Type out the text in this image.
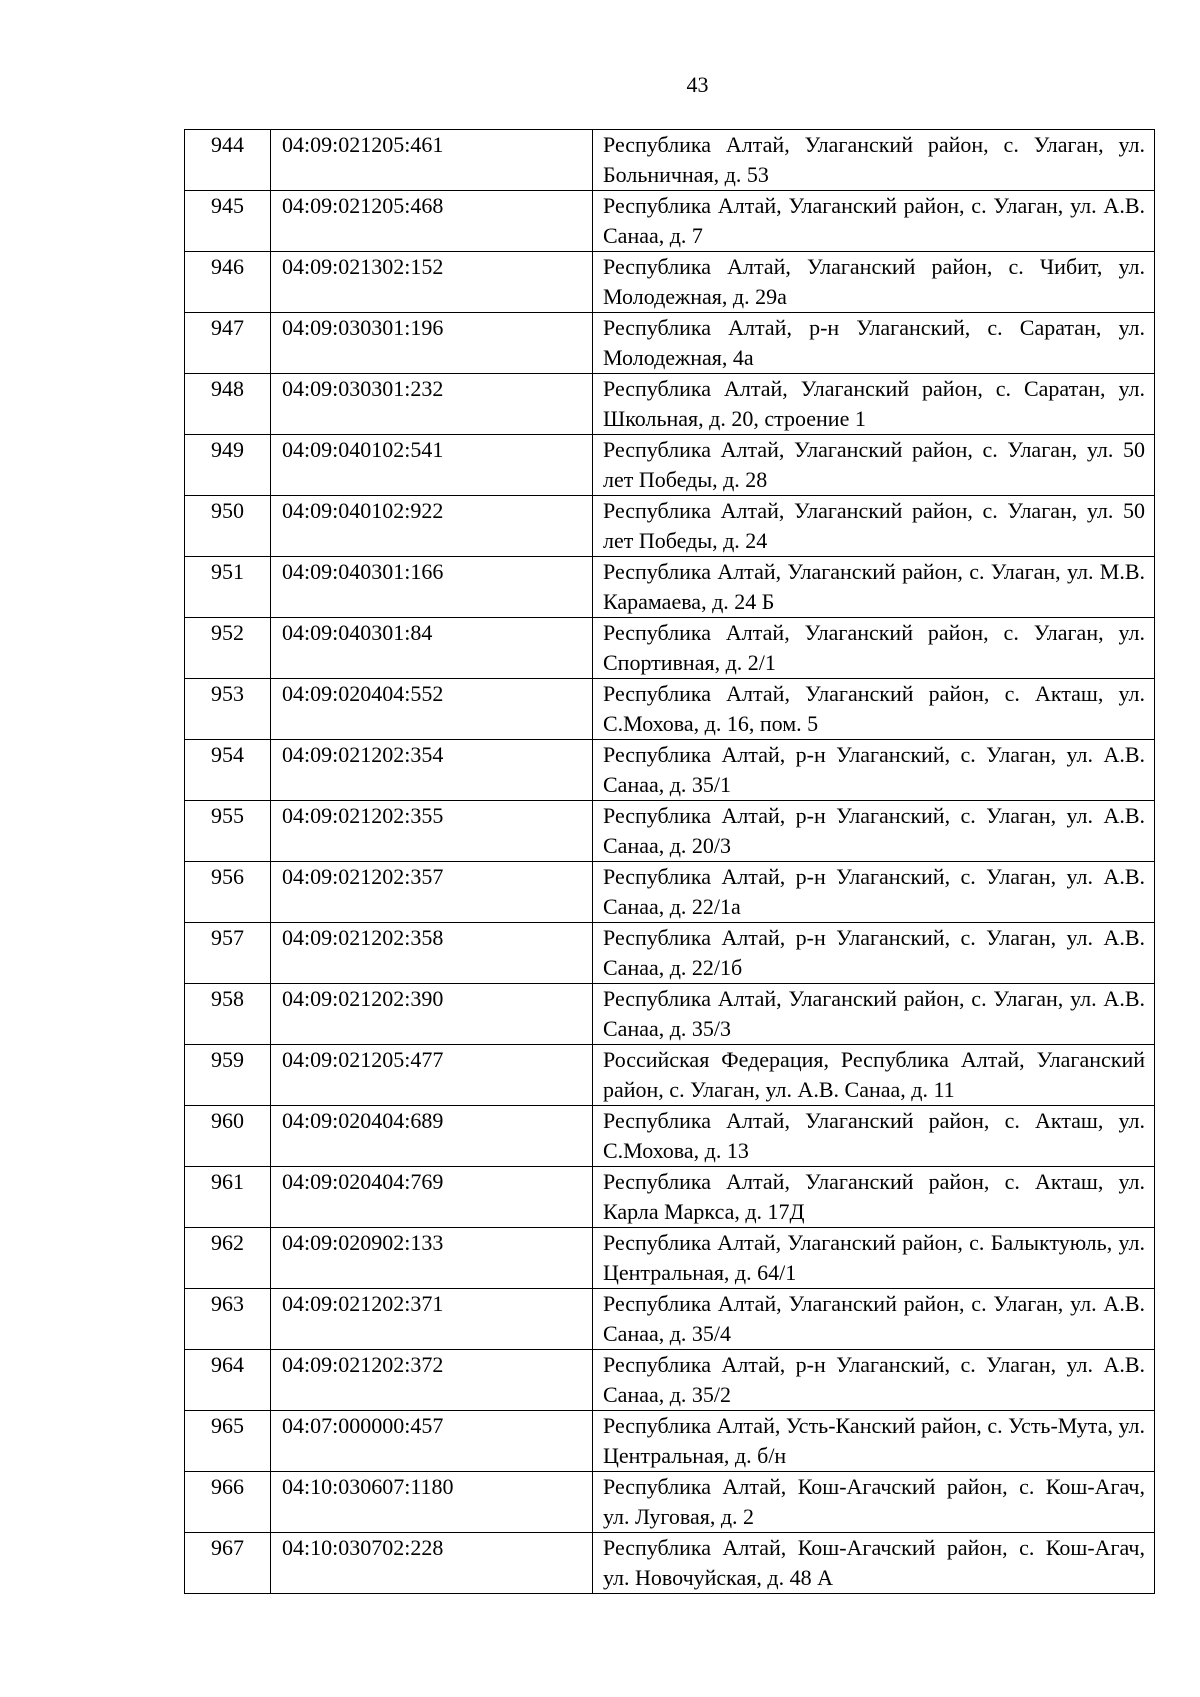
43
944	04:09:021205:461	Республика Алтай, Улаганский район, с. Улаган, ул. Больничная, д. 53
945	04:09:021205:468	Республика Алтай, Улаганский район, с. Улаган, ул. А.В. Санаа, д. 7
946	04:09:021302:152	Республика Алтай, Улаганский район, с. Чибит, ул. Молодежная, д. 29а
947	04:09:030301:196	Республика Алтай, р-н Улаганский, с. Саратан, ул. Молодежная, 4а
948	04:09:030301:232	Республика Алтай, Улаганский район, с. Саратан, ул. Школьная, д. 20, строение 1
949	04:09:040102:541	Республика Алтай, Улаганский район, с. Улаган, ул. 50 лет Победы, д. 28
950	04:09:040102:922	Республика Алтай, Улаганский район, с. Улаган, ул. 50 лет Победы, д. 24
951	04:09:040301:166	Республика Алтай, Улаганский район, с. Улаган, ул. М.В. Карамаева, д. 24 Б
952	04:09:040301:84	Республика Алтай, Улаганский район, с. Улаган, ул. Спортивная, д. 2/1
953	04:09:020404:552	Республика Алтай, Улаганский район, с. Акташ, ул. С.Мохова, д. 16, пом. 5
954	04:09:021202:354	Республика Алтай, р-н Улаганский, с. Улаган, ул. А.В. Санаа, д. 35/1
955	04:09:021202:355	Республика Алтай, р-н Улаганский, с. Улаган, ул. А.В. Санаа, д. 20/3
956	04:09:021202:357	Республика Алтай, р-н Улаганский, с. Улаган, ул. А.В. Санаа, д. 22/1а
957	04:09:021202:358	Республика Алтай, р-н Улаганский, с. Улаган, ул. А.В. Санаа, д. 22/1б
958	04:09:021202:390	Республика Алтай, Улаганский район, с. Улаган, ул. А.В. Санаа, д. 35/3
959	04:09:021205:477	Российская Федерация, Республика Алтай, Улаганский район, с. Улаган, ул. А.В. Санаа, д. 11
960	04:09:020404:689	Республика Алтай, Улаганский район, с. Акташ, ул. С.Мохова, д. 13
961	04:09:020404:769	Республика Алтай, Улаганский район, с. Акташ, ул. Карла Маркса, д. 17Д
962	04:09:020902:133	Республика Алтай, Улаганский район, с. Балыктуюль, ул. Центральная, д. 64/1
963	04:09:021202:371	Республика Алтай, Улаганский район, с. Улаган, ул. А.В. Санаа, д. 35/4
964	04:09:021202:372	Республика Алтай, р-н Улаганский, с. Улаган, ул. А.В. Санаа, д. 35/2
965	04:07:000000:457	Республика Алтай, Усть-Канский район, с. Усть-Мута, ул. Центральная, д. б/н
966	04:10:030607:1180	Республика Алтай, Кош-Агачский район, с. Кош-Агач, ул. Луговая, д. 2
967	04:10:030702:228	Республика Алтай, Кош-Агачский район, с. Кош-Агач, ул. Новочуйская, д. 48 А
